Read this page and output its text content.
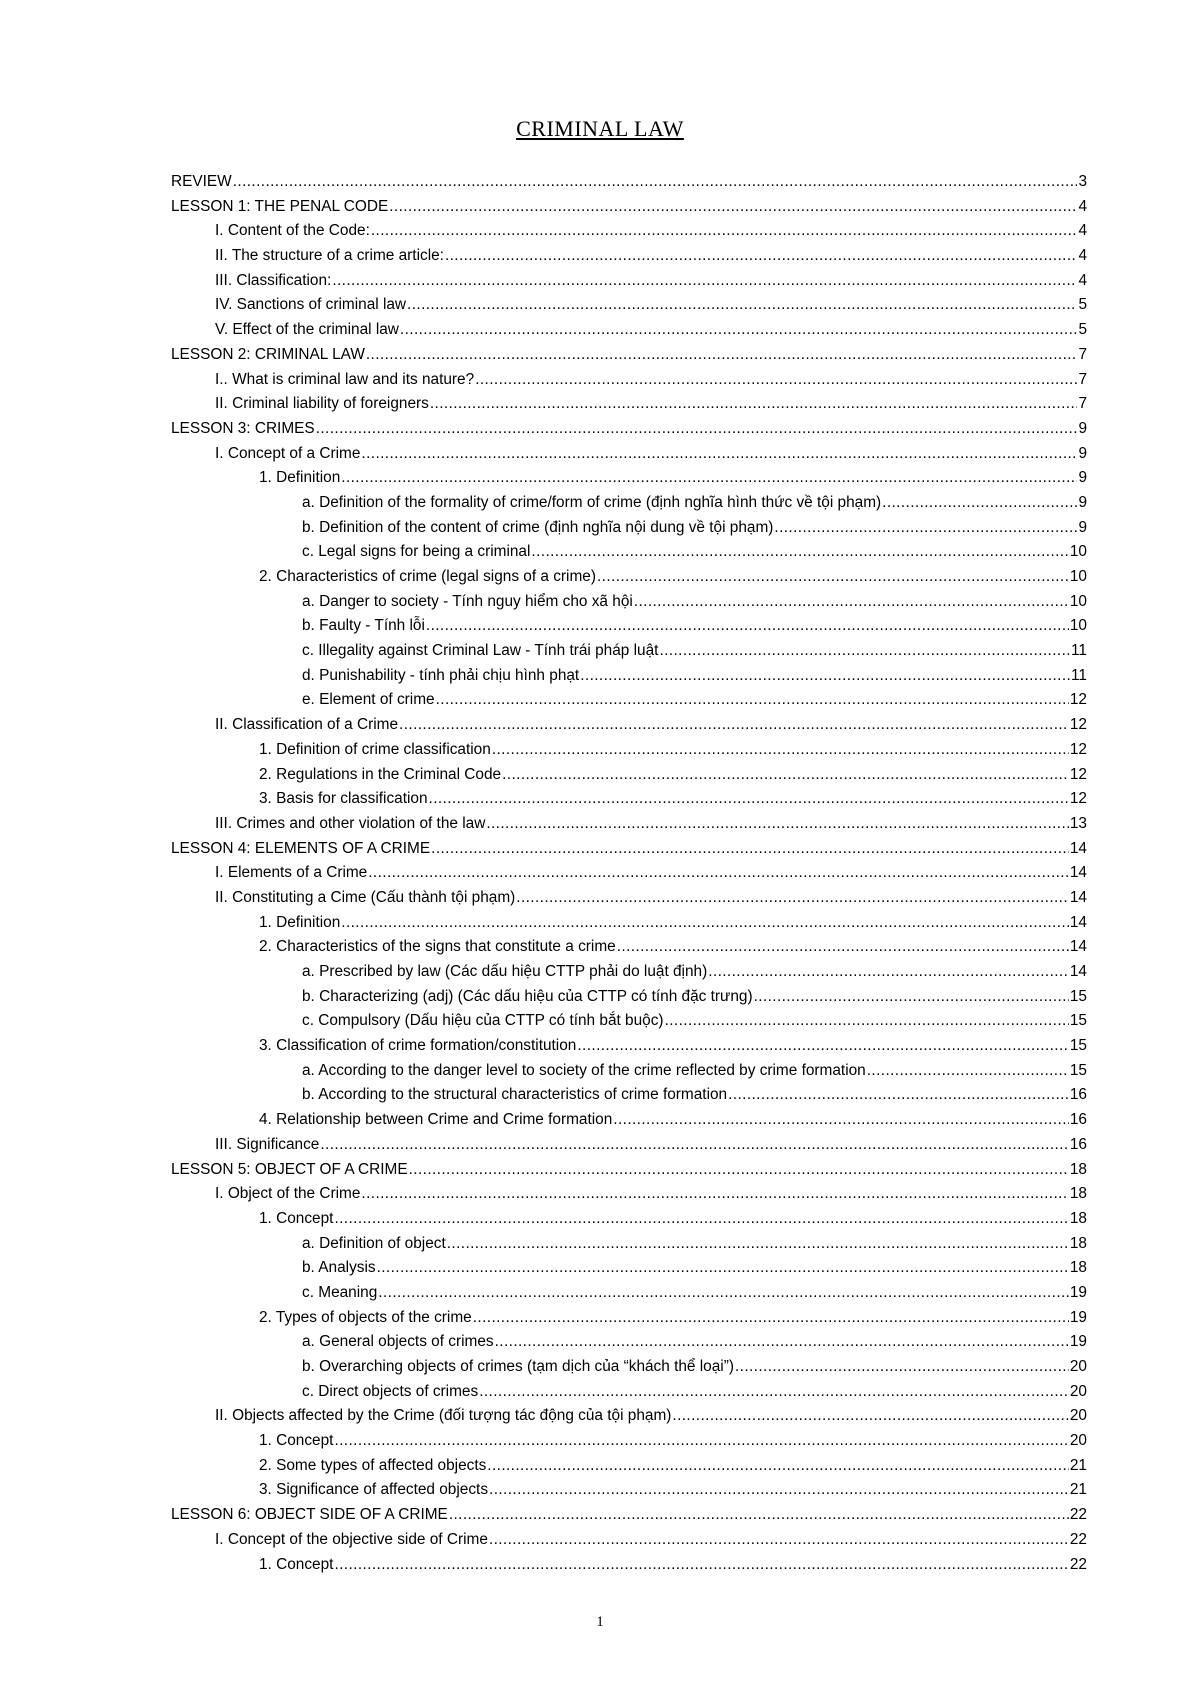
CRIMINAL LAW
REVIEW .....	3
LESSON 1: THE PENAL CODE .....	4
I. Content of the Code: .....	4
II. The structure of a crime article: .....	4
III. Classification: .....	4
IV. Sanctions of criminal law .....	5
V. Effect of the criminal law .....	5
LESSON 2: CRIMINAL LAW .....	7
I.. What is criminal law and its nature? .....	7
II. Criminal liability of foreigners .....	7
LESSON 3: CRIMES .....	9
I. Concept of a Crime .....	9
1. Definition .....	9
a. Definition of the formality of crime/form of crime (định nghĩa hình thức về tội phạm) .....	9
b. Definition of the content of crime (định nghĩa nội dung về tội phạm) .....	9
c. Legal signs for being a criminal .....	10
2. Characteristics of crime (legal signs of a crime) .....	10
a. Danger to society - Tính nguy hiểm cho xã hội .....	10
b. Faulty - Tính lỗi .....	10
c. Illegality against Criminal Law - Tính trái pháp luật .....	11
d. Punishability - tính phải chịu hình phạt .....	11
e. Element of crime .....	12
II. Classification of a Crime .....	12
1. Definition of crime classification .....	12
2. Regulations in the Criminal Code .....	12
3. Basis for classification .....	12
III. Crimes and other violation of the law .....	13
LESSON 4: ELEMENTS OF A CRIME .....	14
I. Elements of a Crime .....	14
II. Constituting a Cime (Cấu thành tội phạm) .....	14
1. Definition .....	14
2. Characteristics of the signs that constitute a crime .....	14
a. Prescribed by law (Các dấu hiệu CTTP phải do luật định) .....	14
b. Characterizing (adj) (Các dấu hiệu của CTTP có tính đặc trưng) .....	15
c. Compulsory (Dấu hiệu của CTTP có tính bắt buộc) .....	15
3. Classification of crime formation/constitution .....	15
a. According to the danger level to society of the crime reflected by crime formation .....	15
b. According to the structural characteristics of crime formation .....	16
4. Relationship between Crime and Crime formation .....	16
III. Significance .....	16
LESSON 5: OBJECT OF A CRIME .....	18
I. Object of the Crime .....	18
1. Concept .....	18
a. Definition of object .....	18
b. Analysis .....	18
c. Meaning .....	19
2. Types of objects of the crime .....	19
a. General objects of crimes .....	19
b. Overarching objects of crimes (tạm dịch của “khách thể loại”) .....	20
c. Direct objects of crimes .....	20
II. Objects affected by the Crime (đối tượng tác động của tội phạm) .....	20
1. Concept .....	20
2. Some types of affected objects .....	21
3. Significance of affected objects .....	21
LESSON 6: OBJECT SIDE OF A CRIME .....	22
I. Concept of the objective side of Crime .....	22
1. Concept .....	22
1
